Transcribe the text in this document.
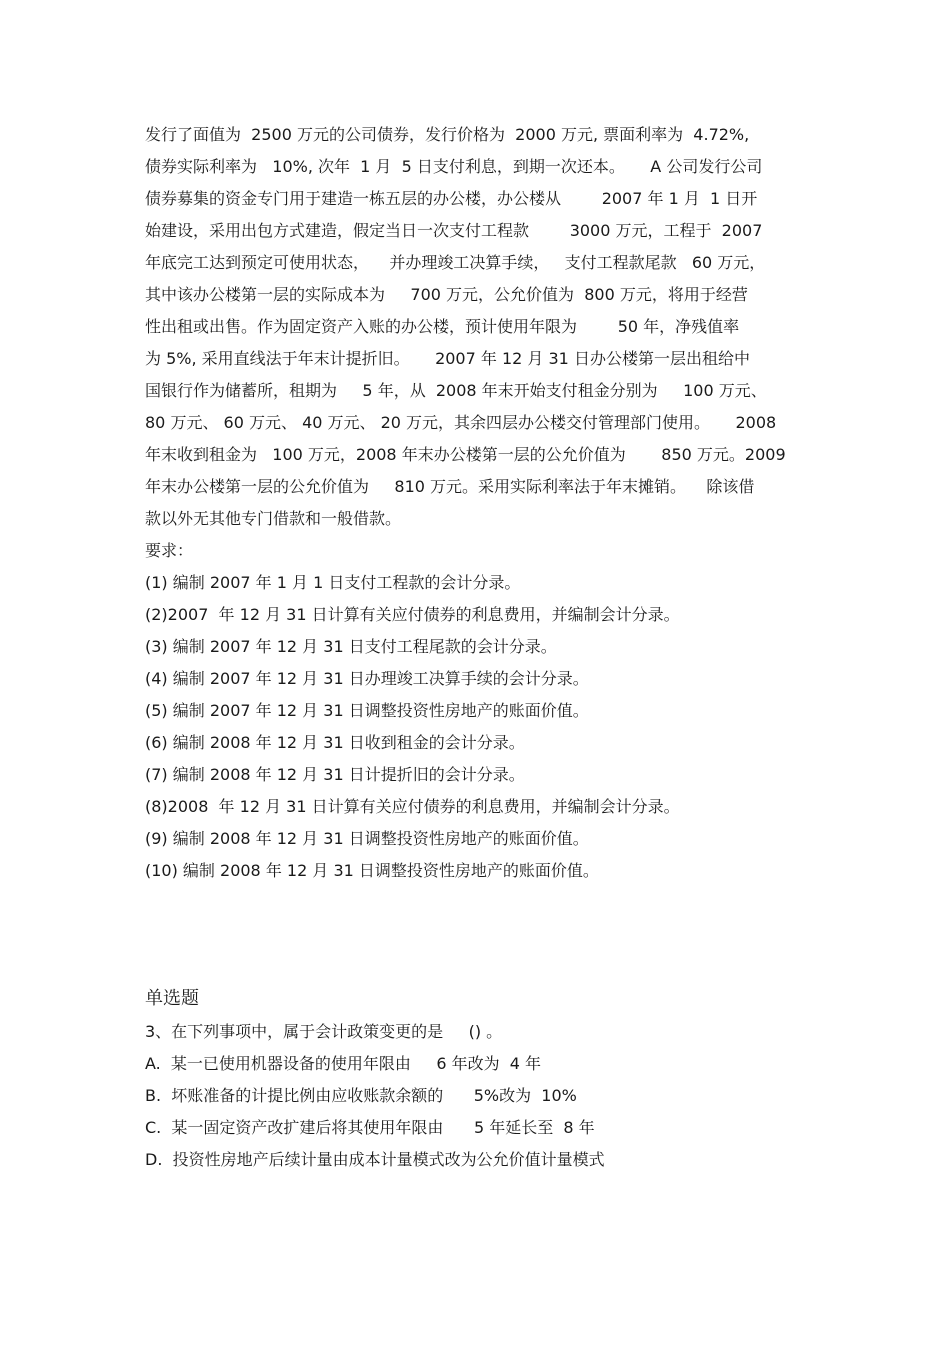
发行了面值为  2500 万元的公司债券，发行价格为  2000 万元, 票面利率为  4.72%,
债券实际利率为   10%, 次年  1 月  5 日支付利息，到期一次还本。     A 公司发行公司
债券募集的资金专门用于建造一栋五层的办公楼，办公楼从        2007 年 1 月  1 日开
始建设，采用出包方式建造，假定当日一次支付工程款        3000 万元，工程于  2007
年底完工达到预定可使用状态，    并办理竣工决算手续，   支付工程款尾款   60 万元，
其中该办公楼第一层的实际成本为     700 万元，公允价值为  800 万元，将用于经营
性出租或出售。作为固定资产入账的办公楼，预计使用年限为        50 年，净残值率
为 5%, 采用直线法于年末计提折旧。     2007 年 12 月 31 日办公楼第一层出租给中
国银行作为储蓄所，租期为     5 年，从  2008 年末开始支付租金分别为     100 万元、
80 万元、 60 万元、 40 万元、 20 万元，其余四层办公楼交付管理部门使用。     2008
年末收到租金为   100 万元，2008 年末办公楼第一层的公允价值为       850 万元。2009
年末办公楼第一层的公允价值为     810 万元。采用实际利率法于年末摊销。    除该借
款以外无其他专门借款和一般借款。
要求：
(1) 编制 2007 年 1 月 1 日支付工程款的会计分录。
(2)2007  年 12 月 31 日计算有关应付债券的利息费用，并编制会计分录。
(3) 编制 2007 年 12 月 31 日支付工程尾款的会计分录。
(4) 编制 2007 年 12 月 31 日办理竣工决算手续的会计分录。
(5) 编制 2007 年 12 月 31 日调整投资性房地产的账面价值。
(6) 编制 2008 年 12 月 31 日收到租金的会计分录。
(7) 编制 2008 年 12 月 31 日计提折旧的会计分录。
(8)2008  年 12 月 31 日计算有关应付债券的利息费用，并编制会计分录。
(9) 编制 2008 年 12 月 31 日调整投资性房地产的账面价值。
(10) 编制 2008 年 12 月 31 日调整投资性房地产的账面价值。
单选题
3、在下列事项中，属于会计政策变更的是     () 。
A.  某一已使用机器设备的使用年限由     6 年改为  4 年
B.  坏账准备的计提比例由应收账款余额的      5%改为  10%
C.  某一固定资产改扩建后将其使用年限由      5 年延长至  8 年
D.  投资性房地产后续计量由成本计量模式改为公允价值计量模式
